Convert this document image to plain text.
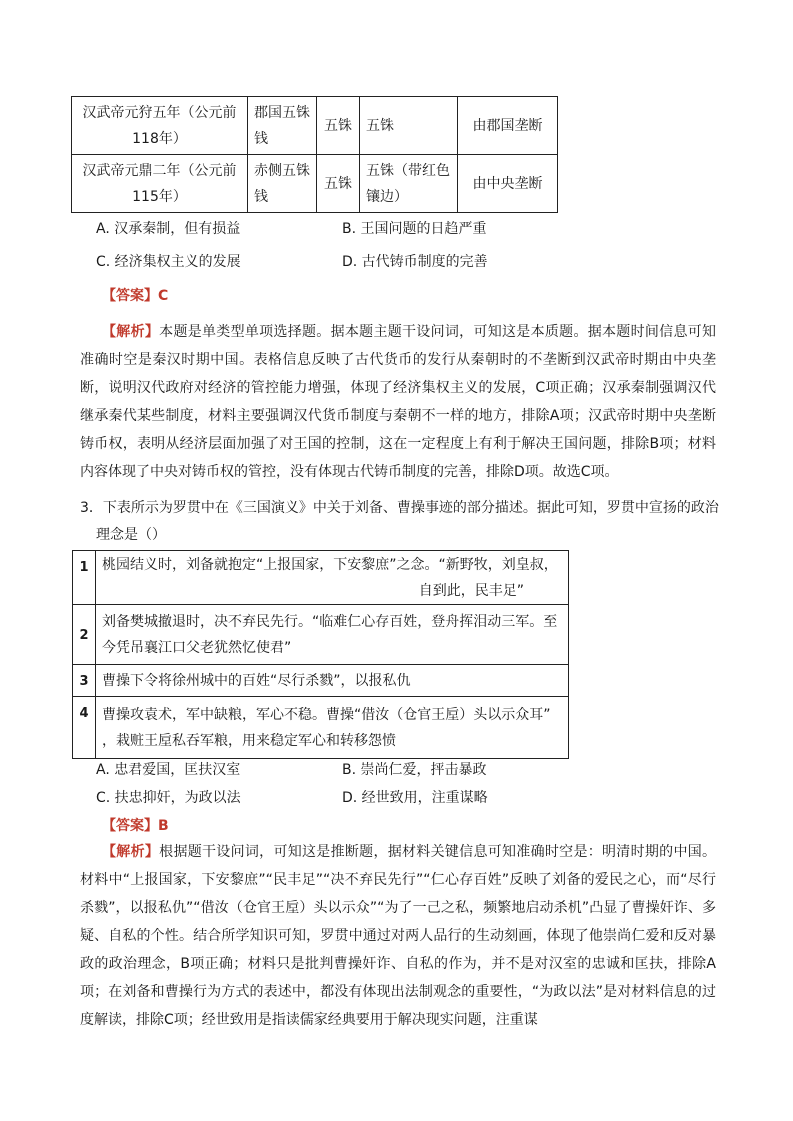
汉武帝元狩五年（公元前118年）	郡国五铢钱	五铢	五铢	由郡国垄断
汉武帝元鼎二年（公元前115年）	赤侧五铢钱	五铢	五铢（带红色镶边）	由中央垄断
A. 汉承秦制，但有损益	B. 王国问题的日趋严重
C. 经济集权主义的发展	D. 古代铸币制度的完善
【答案】C
【解析】本题是单类型单项选择题。据本题主题干设问词，可知这是本质题。据本题时间信息可知准确时空是秦汉时期中国。表格信息反映了古代货币的发行从秦朝时的不垄断到汉武帝时期由中央垄断，说明汉代政府对经济的管控能力增强，体现了经济集权主义的发展，C项正确；汉承秦制强调汉代继承秦代某些制度，材料主要强调汉代货币制度与秦朝不一样的地方，排除A项；汉武帝时期中央垄断铸币权，表明从经济层面加强了对王国的控制，这在一定程度上有利于解决王国问题，排除B项；材料内容体现了中央对铸币权的管控，没有体现古代铸币制度的完善，排除D项。故选C项。
3．下表所示为罗贯中在《三国演义》中关于刘备、曹操事迹的部分描述。据此可知，罗贯中宣扬的政治
理念是（）
1	桃园结义时，刘备就抱定“上报国家，下安黎庶”之念。“新野牧，刘皇叔，
自到此，民丰足”

2	刘备樊城撤退时，决不弃民先行。“临难仁心存百姓，登舟挥泪动三军。至
今凭吊襄江口父老犹然忆使君”

3	曹操下令将徐州城中的百姓“尽行杀戮”，以报私仇

4	曹操攻袁术，军中缺粮，军心不稳。曹操“借汝（仓官王垕）头以示众耳”
，栽赃王垕私吞军粮，用来稳定军心和转移怨愤
A. 忠君爱国，匡扶汉室	B. 崇尚仁爱，抨击暴政
C. 扶忠抑奸，为政以法	D. 经世致用，注重谋略
【答案】B
【解析】根据题干设问词，可知这是推断题，据材料关键信息可知准确时空是：明清时期的中国。材料中“上报国家，下安黎庶”“民丰足”“决不弃民先行”“仁心存百姓”反映了刘备的爱民之心，而“尽行杀戮”，以报私仇”“借汝（仓官王垕）头以示众”“为了一己之私，频繁地启动杀机”凸显了曹操奸诈、多疑、自私的个性。结合所学知识可知，罗贯中通过对两人品行的生动刻画，体现了他崇尚仁爱和反对暴政的政治理念，B项正确；材料只是批判曹操奸诈、自私的作为，并不是对汉室的忠诚和匡扶，排除A项；在刘备和曹操行为方式的表述中，都没有体现出法制观念的重要性，“为政以法”是对材料信息的过度解读，排除C项；经世致用是指读儒家经典要用于解决现实问题，注重谋
